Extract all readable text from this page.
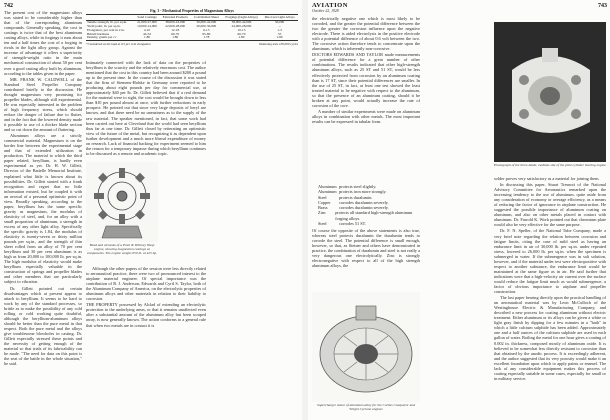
742

The present cost of the magnesium alloys was stated to be considerably higher than that of the corresponding aluminum compounds. Generally speaking, the cost in castings is twice that of the best aluminum casting alloys, while in forgings it runs about ten and a half times the cost of a forging in rivals in the light alloy group. Against the increase of advantage it offers a superiority of strength-weight ratio in the main mechanical construction of about 50 per cent over a good casting alloy built by aluminum, according to the tables given in the paper.

MR. FRANK W. CALDWELL of the Standard Steel Propeller Company contributed briefly to the discussion. He thought magnesium very promising for propeller blades, although still experimental. He was especially interested in the problem of high frequency stress, which should reduce the danger of failure due to flutter, and in the fact that the lowered density made it possible to use of a thicker blade section and so cut down the amount of fluttering.

Aluminum alloys are a strictly commercial material. Magnesium is on the border line between the experimental stage and that of extended utilization in production. The material to which the third paper related, beryllium, is hardly even experimental as yet. Dr. H. W. Gillett, Director of the Battelle Memorial Institute, explained what little is known about its possibilities. Dr. Gillett started with a frank recognition and regret that no little information existed, but he coupled it with an avowal of a personal optimistic point of view. Broadly speaking, according to the paper, beryllium has the same specific gravity as magnesium, the modulus of elasticity of steel, and, for an alloy with a small proportion of aluminum, a strength in excess of any other light alloy. Specifically the specific gravity is 1.84, the modulus of elasticity is twenty-seven or thirty million pounds per sq.in., and the strength of thin sheet rolled from an alloy of 70 per cent beryllium and 30 per cent aluminum is as high as from 20,000 to 100,000 lb. per sq.in. The high modulus of elasticity would make beryllium especially valuable in the construction of springs and propeller blades and other members that are particularly subject to vibration.

Dr. Gillett pointed out certain disadvantages which at present appear to attach to beryllium. It seems to be hard to work by any of the standard processes, so brittle as to make the possibility of any cold rolling or cold working quite doubtful, although the beryllium-aluminum alloys should be better than the pure metal in that respect. Both the pure metal and the alloys give troublesome blowholes in casting. Dr. Gillett especially stressed these points and the necessity of getting enough of the material so that trials of its fabricability can be made. "The need for data on this point is the seat of the battle in the whole situation," he said.

Fig. 3 - Mechanical Properties of Magnesium Alloys
	Sand Castings	Extruded Products	Cold Rolled Sheet	Forgings (Light Alloys)	Die-Cast Light Alloys
Tensile strength, lb. per sq.in.	21,000-27,000	38,000-43,000	36,000-42,000	38,000-42,000	30,000
Yield point, lb. per sq.in.	10,000-14,000	22,000-28,000	26,000-30,000	24,000-28,000	--
Elongation, per cent in 2 in.	4-10	12-18	6-15	10-15	1-3
Brinell hardness	44-52	60-70	65-80	60-70	55
Density, grams per cc	1.80	1.80	1.78	1.80	1.80
*Considered as the load at 0.5 per cent elongation	Obtaining tests 100,000 cycles

Intimately connected with the lack of data on the properties of beryllium is the scarcity and the relatively enormous cost. The author mentioned that the cost in this country had been around $200 a pound up to the present time. In the course of the discussion it was stated that the firm of Siemens-Halske in Germany were reported to be producing about eight pounds per day for commercial use, at approximately $40 per lb. Dr. Gillett believed that if a real demand for the material were to sight, the cost would be brought down to less than $10 per pound almost at once, with further reductions in early prospect. He pointed out that since very large deposits of beryl are known, and that there need be no uneasiness as to the supply of the raw material. The speaker mentioned, in fact, that some work had been carried out here at Cleveland that the world had seen beryllium thus far at one time. Dr. Gillett closed by reiterating an optimistic view of the future of the metal, but recognizing it as dependent upon further development and a much more liberal expenditure of money on research. Lack of financial backing for experiment seemed to him the reason for a temporary impasse during which beryllium continues to be discussed as a remote and academic topic.

Bead and oil tanks of a Pratt & Whitney Wasp engine, showing magnesium castings as components. The engine weighs 650 lb. at 425 hp.

Although the other papers of the session were less directly related to aeronautical practice, there were two of pronounced interest to the airplane material engineer. Of special importance was the contribution of R. J. Anderson, Edwards and Cyril S. Taylor, both of the Aluminum Company of America, on the electrolytic properties of aluminum alloys and other materials in relation to their liability to corrosion.

THE PROPERTY possessed by Alclad of extending an electrolytic protection to the underlying areas, or that it remains unaffected even after a substantial amount of the aluminum alloy has been scraped away, is now generally known. The action conforms to a general rule that when two metals are in contact it is

AVIATION
October 22, 1928
743

the electrically negative one which is most likely to be corroded, and the greater the potential difference between the two the greater the corrosion influence upon the negative electrode. There is aided electrolysis in the positive electrode with a potential difference of about 0.6 volt between the two. The corrosive action therefore tends to concentrate upon the aluminum, which is inherently non-corrosive.

DOCTORS EDWARDS AND TAYLOR made measurements of potential difference for a great number of other combinations. The results indicated that other high-strength aluminum alloys, such as 25 ST and 51 ST, would be less effectively protected from corrosion by an aluminum coating than is 17 ST, since their potential differences are smaller. In the use of 25 ST, in fact, at least one test showed the least treated material to be negative with respect to the aluminum, so that the presence of an aluminum coating, should it be broken at any point, would actually increase the rate of corrosion of the core.

A number of similar experiments were made on aluminum alloys in combination with other metals. The most important results can be expressed in tabular form.

Aluminum protects steel slightly.
Aluminum protects iron more strongly.
Steel	protects duralumin.
Copper	corrodes duralumin severely.
Brass	corrodes duralumin severely.
Zinc	protects all standard high-strength aluminum forging alloys.
Steel	corrodes 51 ST.

Of course the opposite of the above statements is also true, whereas steel protects duralumin the duralumin tends to corrode the steel. The potential difference is small enough, however, so that, as Steiner and others have demonstrated in practice, the combination of duralumin and steel is not really a very dangerous one electrolytically. Zinc is strongly electronegative with respect to all of the high strength aluminum alloys, the

Supercharger stator of aluminum alloy for the Curtiss Conqueror and Wright Cyclone engines
Photograph of the three-blade, medium-size of the pilot cylinder bearing engine

solder proves very satisfactory as a material for joining them.

In discussing this paper, Stuart Tresnott of the National Advisory Committee for Aeronautics remarked upon the increasing tendency to the use of aluminum, quite aside from any consideration of economy or average efficiency, as a means of reducing the factor of ignorance in airplane construction. He suggested the possible importance of aluminum coating on aluminum, and also on other metals placed in contact with aluminum. Dr. Farrold K. Work pointed out that chromium plate would also be very effective for the same purpose.

Dr. F. N. Speller, of the National Tube Company, made a very brief note regarding the relation between corrosion and fatigue limits, citing the case of mild steel as having an endurance limit in air of 30,000 lb. per sq.in. under repeated stress, lowered to 26,000 lb. per sq.in. when the specimen is submerged in water. If the submergence was in salt solution, however, and if the material under test were electropositive with respect to another substance, the endurance limit would be maintained at the same figure as in air. He said further that indications were that a high-velocity air current over the surface would reduce the fatigue limit much as would submergence, a factor of obvious importance to airplane and propeller construction.

The last paper bearing directly upon the practical handling of an aeronautical material was by Leon McCulloch of the Westinghouse Electric & Manufacturing Company, and described a new process for coating aluminum without electric treatment. Either aluminum or its alloys can be given a white or light gray finish by dipping for a few minutes in a "bath" in which a little calcium sulphide has been added. Approximately one and a half ounces of the calcium sulphide are used in each gallon of water. Boiling the metal for one hour gives a coating of 0.002 in. thickness, composed mostly of aluminum oxide. It is believed to be somewhat less directly resistant to corrosion than that obtained by the anodic process. It is exceedingly adherent, and the author suggested that its very porosity would make it an excellent foundation upon which to apply paints or enamel. The lack of any considerable equipment makes this process of coating especially suitable in some cases, especially for small or in military service.
